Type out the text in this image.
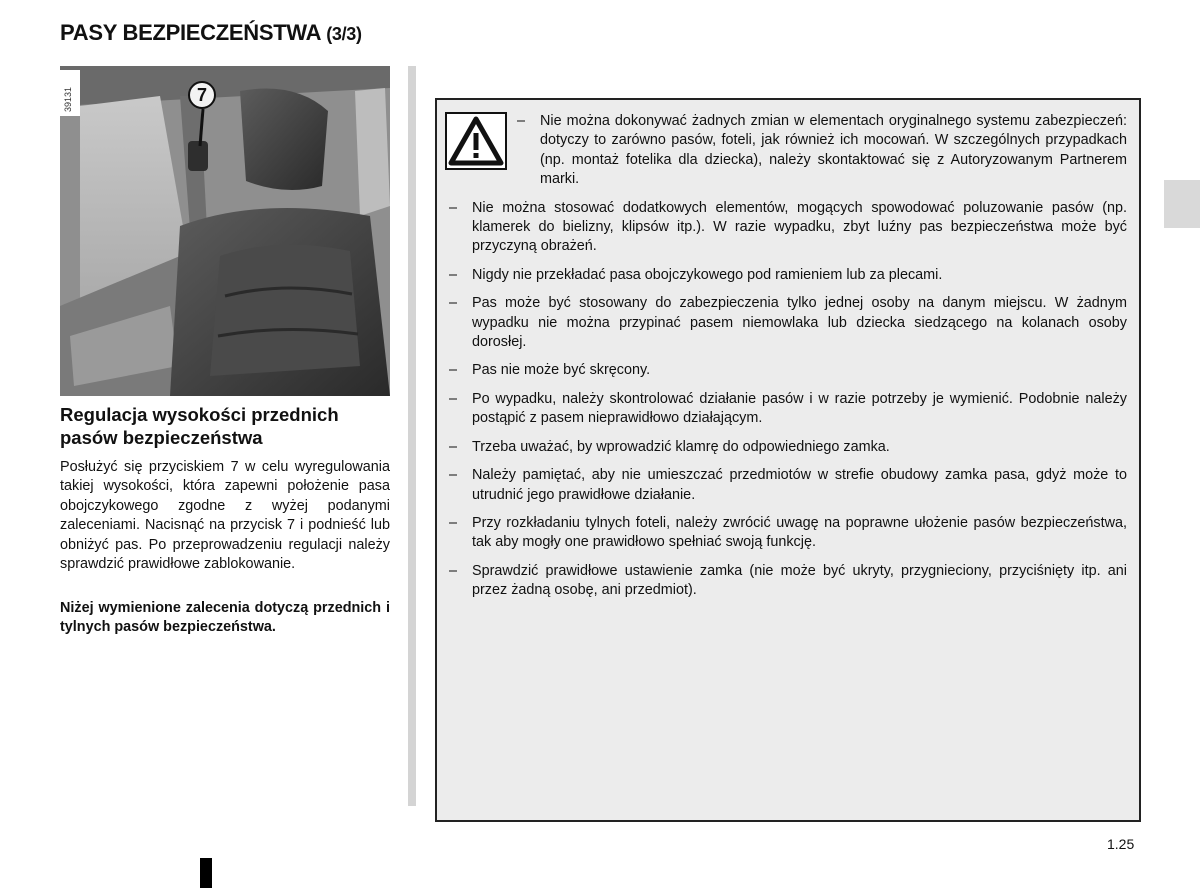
PASY BEZPIECZEŃSTWA (3/3)
39131	7
Regulacja wysokości przednich pasów bezpieczeństwa

Posłużyć się przyciskiem 7 w celu wyregulowania takiej wysokości, która zapewni położenie pasa obojczykowego zgodne z wyżej podanymi zaleceniami. Nacisnąć na przycisk 7 i podnieść lub obniżyć pas. Po przeprowadzeniu regulacji należy sprawdzić prawidłowe zablokowanie.

Niżej wymienione zalecenia dotyczą przednich i tylnych pasów bezpieczeństwa.

– Nie można dokonywać żadnych zmian w elementach oryginalnego systemu zabezpieczeń: dotyczy to zarówno pasów, foteli, jak również ich mocowań. W szczególnych przypadkach (np. montaż fotelika dla dziecka), należy skontaktować się z Autoryzowanym Partnerem marki.
– Nie można stosować dodatkowych elementów, mogących spowodować poluzowanie pasów (np. klamerek do bielizny, klipsów itp.). W razie wypadku, zbyt luźny pas bezpieczeństwa może być przyczyną obrażeń.
– Nigdy nie przekładać pasa obojczykowego pod ramieniem lub za plecami.
– Pas może być stosowany do zabezpieczenia tylko jednej osoby na danym miejscu. W żadnym wypadku nie można przypinać pasem niemowlaka lub dziecka siedzącego na kolanach osoby dorosłej.
– Pas nie może być skręcony.
– Po wypadku, należy skontrolować działanie pasów i w razie potrzeby je wymienić. Podobnie należy postąpić z pasem nieprawidłowo działającym.
– Trzeba uważać, by wprowadzić klamrę do odpowiedniego zamka.
– Należy pamiętać, aby nie umieszczać przedmiotów w strefie obudowy zamka pasa, gdyż może to utrudnić jego prawidłowe działanie.
– Przy rozkładaniu tylnych foteli, należy zwrócić uwagę na poprawne ułożenie pasów bezpieczeństwa, tak aby mogły one prawidłowo spełniać swoją funkcję.
– Sprawdzić prawidłowe ustawienie zamka (nie może być ukryty, przygnieciony, przyciśnięty itp. ani przez żadną osobę, ani przedmiot).
1.25
